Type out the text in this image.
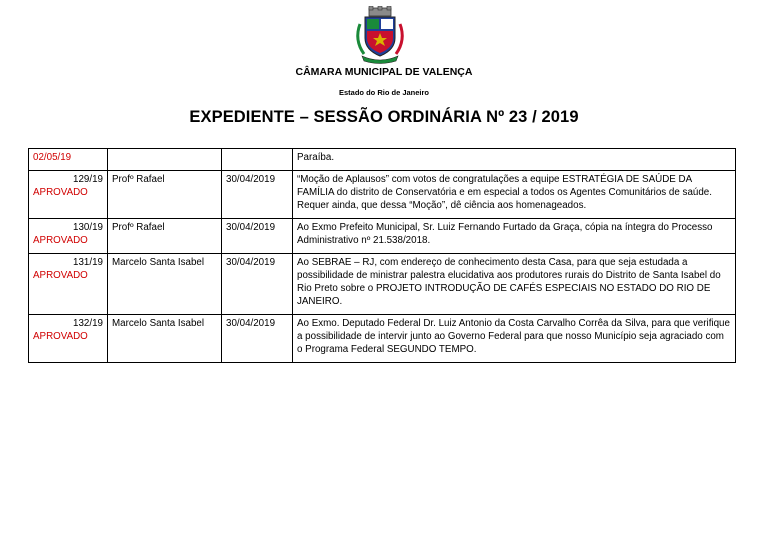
CÂMARA MUNICIPAL DE VALENÇA
Estado do Rio de Janeiro
EXPEDIENTE – SESSÃO ORDINÁRIA Nº 23 / 2019
02/05/19			Paraíba.

129/19
APROVADO	Profº Rafael	30/04/2019	“Moção de Aplausos” com votos de congratulações a equipe ESTRATÉGIA DE SAÚDE DA FAMÍLIA do distrito de Conservatória e em especial a todos os Agentes Comunitários de saúde. Requer ainda, que dessa “Moção”, dê ciência aos homenageados.

130/19
APROVADO	Profº Rafael	30/04/2019	Ao Exmo Prefeito Municipal, Sr. Luiz Fernando Furtado da Graça, cópia na íntegra do Processo Administrativo nº 21.538/2018.

131/19
APROVADO	Marcelo Santa Isabel	30/04/2019	Ao SEBRAE – RJ, com endereço de conhecimento desta Casa, para que seja estudada a possibilidade de ministrar palestra elucidativa aos produtores rurais do Distrito de Santa Isabel do Rio Preto sobre o PROJETO INTRODUÇÃO DE CAFÉS ESPECIAIS NO ESTADO DO RIO DE JANEIRO.

132/19
APROVADO	Marcelo Santa Isabel	30/04/2019	Ao Exmo. Deputado Federal Dr. Luiz Antonio da Costa Carvalho Corrêa da Silva, para que verifique a possibilidade de intervir junto ao Governo Federal para que nosso Município seja agraciado com o Programa Federal SEGUNDO TEMPO.
